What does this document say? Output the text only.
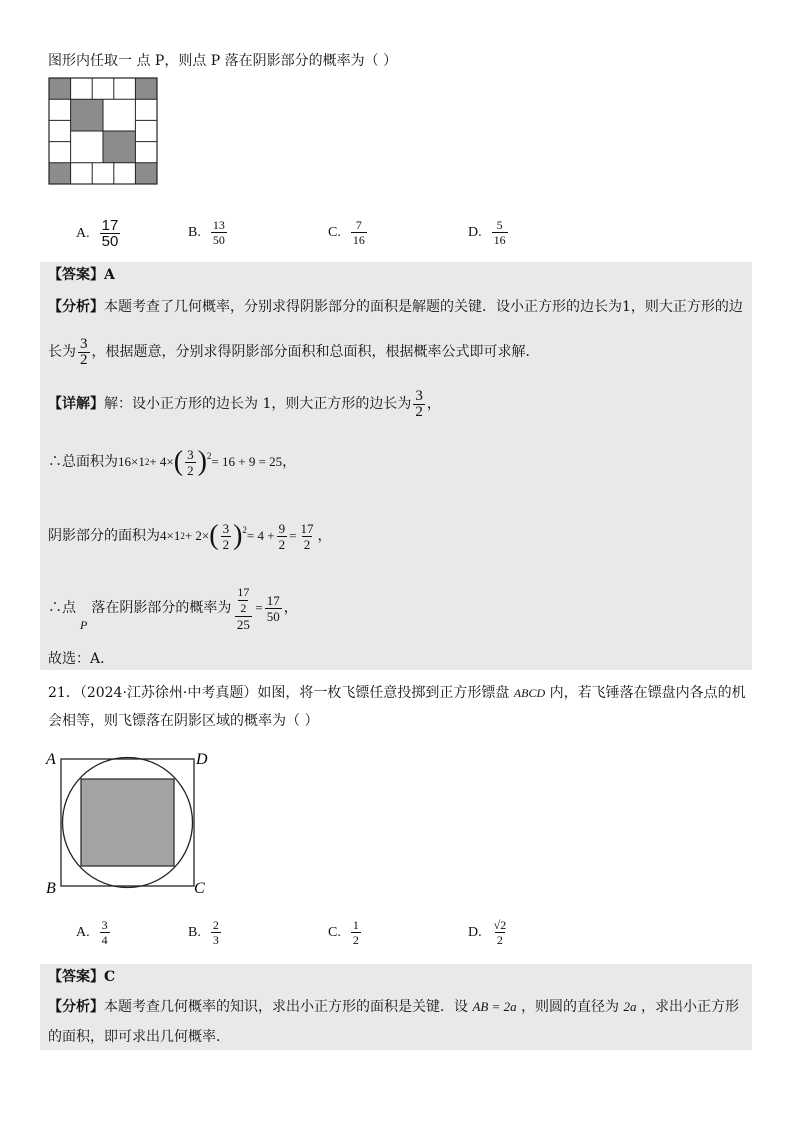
图形内任取一 点 P，则点 P 落在阴影部分的概率为（ ）
A. $\frac{17}{50}$	B. $\frac{13}{50}$	C. $\frac{7}{16}$	D. $\frac{5}{16}$
【答案】A
【分析】本题考查了几何概率，分别求得阴影部分的面积是解题的关键．设小正方形的边长为1，则大正方形的边
长为 $\frac{3}{2}$ ，根据题意，分别求得阴影部分面积和总面积，根据概率公式即可求解．
【详解】 解：设小正方形的边长为 1，则大正方形的边长为 $\frac{3}{2}$ ，
∴总面积为 16×1 2 + 4× ( $\frac{3}{2}$ ) 2 = 16 + 9 = 25 ，
阴影部分的面积为 4×1 2 + 2× ( $\frac{3}{2}$ ) $2 = 4 + \frac{9}{2} = \frac{17}{2}$ ，
∴点
P
落在阴影部分的概率为 $\frac{\frac{17}{2}}{25} = \frac{17}{50}$ ，
故选：A．
21．（2024·江苏徐州·中考真题）如图，将一枚飞镖任意投掷到正方形镖盘 ABCD 内，若飞锤落在镖盘内各点的机
会相等，则飞镖落在阴影区域的概率为（ ）
A	D
B	C
A. $\frac{3}{4}$	B. $\frac{2}{3}$	C. $\frac{1}{2}$	D. $\frac{√2}{2}$
【答案】C
【分析】本题考查几何概率的知识，求出小正方形的面积是关键．设 AB = 2a ，则圆的直径为 2a ，求出小正方形
的面积，即可求出几何概率．
